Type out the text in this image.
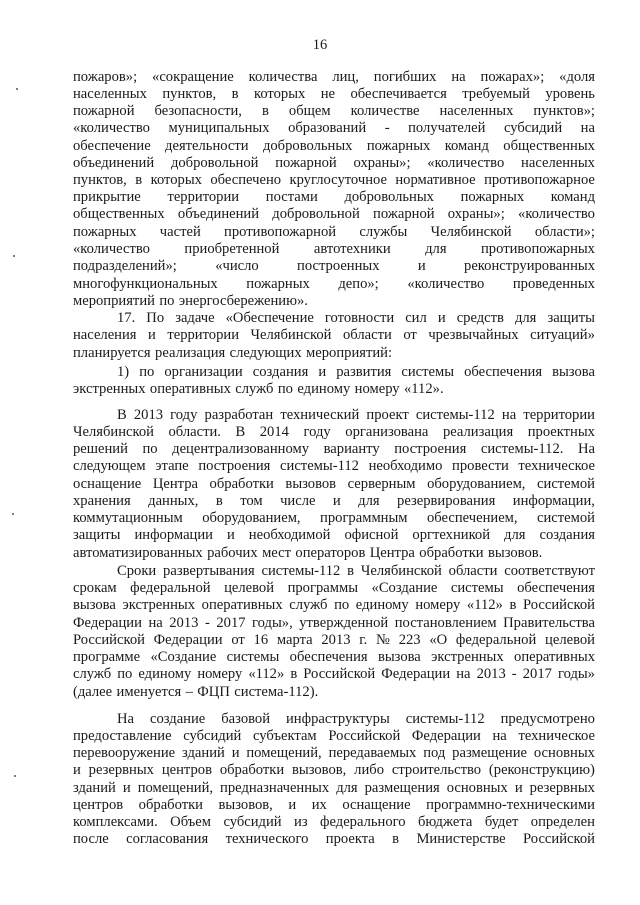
16
пожаров»; «сокращение количества лиц, погибших на пожарах»; «доля
населенных пунктов, в которых не обеспечивается требуемый уровень
пожарной безопасности, в общем количестве населенных пунктов»;
«количество муниципальных образований - получателей субсидий на
обеспечение деятельности добровольных пожарных команд общественных
объединений добровольной пожарной охраны»; «количество населенных
пунктов, в которых обеспечено круглосуточное нормативное противопожарное
прикрытие территории постами добровольных пожарных команд
общественных объединений добровольной пожарной охраны»; «количество
пожарных частей противопожарной службы Челябинской области»;
«количество приобретенной автотехники для противопожарных
подразделений»;	«число	построенных	и	реконструированных
многофункциональных пожарных депо»; «количество проведенных
мероприятий по энергосбережению».
17. По задаче «Обеспечение готовности сил и средств для защиты
населения и территории Челябинской области от чрезвычайных ситуаций»
планируется реализация следующих мероприятий:
1) по организации создания и развития системы обеспечения вызова
экстренных оперативных служб по единому номеру «112».
В 2013 году разработан технический проект системы-112 на территории
Челябинской области. В 2014 году организована реализация проектных
решений по децентрализованному варианту построения системы-112. На
следующем этапе построения системы-112 необходимо провести техническое
оснащение Центра обработки вызовов серверным оборудованием, системой
хранения данных, в том числе и для резервирования информации,
коммутационным оборудованием, программным обеспечением, системой
защиты информации и необходимой офисной оргтехникой для создания
автоматизированных рабочих мест операторов Центра обработки вызовов.
Сроки развертывания системы-112 в Челябинской области соответствуют
срокам федеральной целевой программы «Создание системы обеспечения
вызова экстренных оперативных служб по единому номеру «112» в Российской
Федерации на 2013 - 2017 годы», утвержденной постановлением Правительства
Российской Федерации от 16 марта 2013 г. № 223 «О федеральной целевой
программе «Создание системы обеспечения вызова экстренных оперативных
служб по единому номеру «112» в Российской Федерации на 2013 - 2017 годы»
(далее именуется – ФЦП система-112).
На создание базовой инфраструктуры системы-112 предусмотрено
предоставление субсидий субъектам Российской Федерации на техническое
перевооружение зданий и помещений, передаваемых под размещение основных
и резервных центров обработки вызовов, либо строительство (реконструкцию)
зданий и помещений, предназначенных для размещения основных и резервных
центров обработки вызовов, и их оснащение программно-техническими
комплексами. Объем субсидий из федерального бюджета будет определен
после согласования технического проекта в Министерстве Российской
